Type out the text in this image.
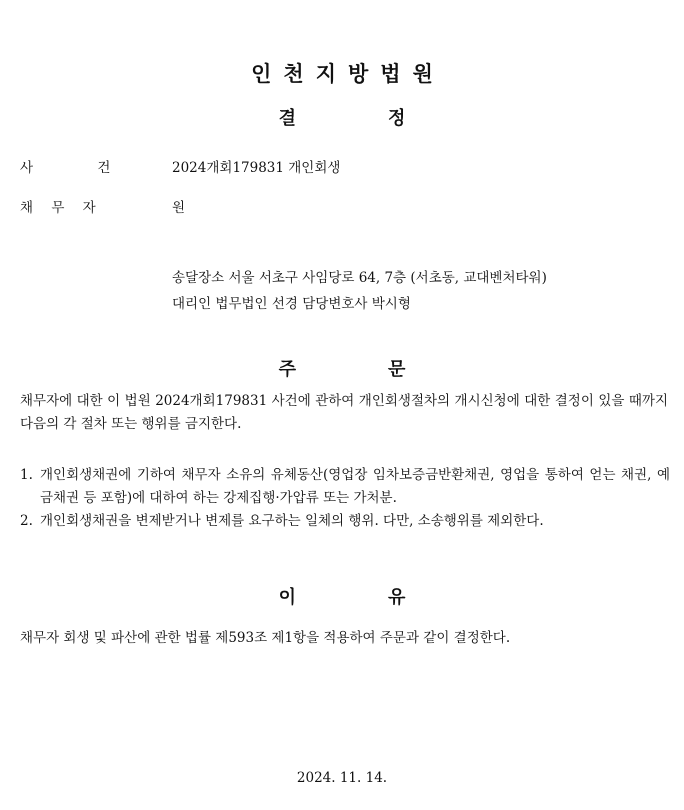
인천지방법원
결	정
사 건	2024개회179831 개인회생
채 무 자	원
송달장소 서울 서초구 사임당로 64, 7층 (서초동, 교대벤처타워)
대리인 법무법인 선경 담당변호사 박시형
주	문
채무자에 대한 이 법원 2024개회179831 사건에 관하여 개인회생절차의 개시신청에 대한 결정이 있을 때까지 다음의 각 절차 또는 행위를 금지한다.
1. 개인회생채권에 기하여 채무자 소유의 유체동산(영업장 임차보증금반환채권, 영업을 통하여 얻는 채권, 예금채권 등 포함)에 대하여 하는 강제집행·가압류 또는 가처분.
2. 개인회생채권을 변제받거나 변제를 요구하는 일체의 행위. 다만, 소송행위를 제외한다.
이	유
채무자 회생 및 파산에 관한 법률 제593조 제1항을 적용하여 주문과 같이 결정한다.
2024. 11. 14.
